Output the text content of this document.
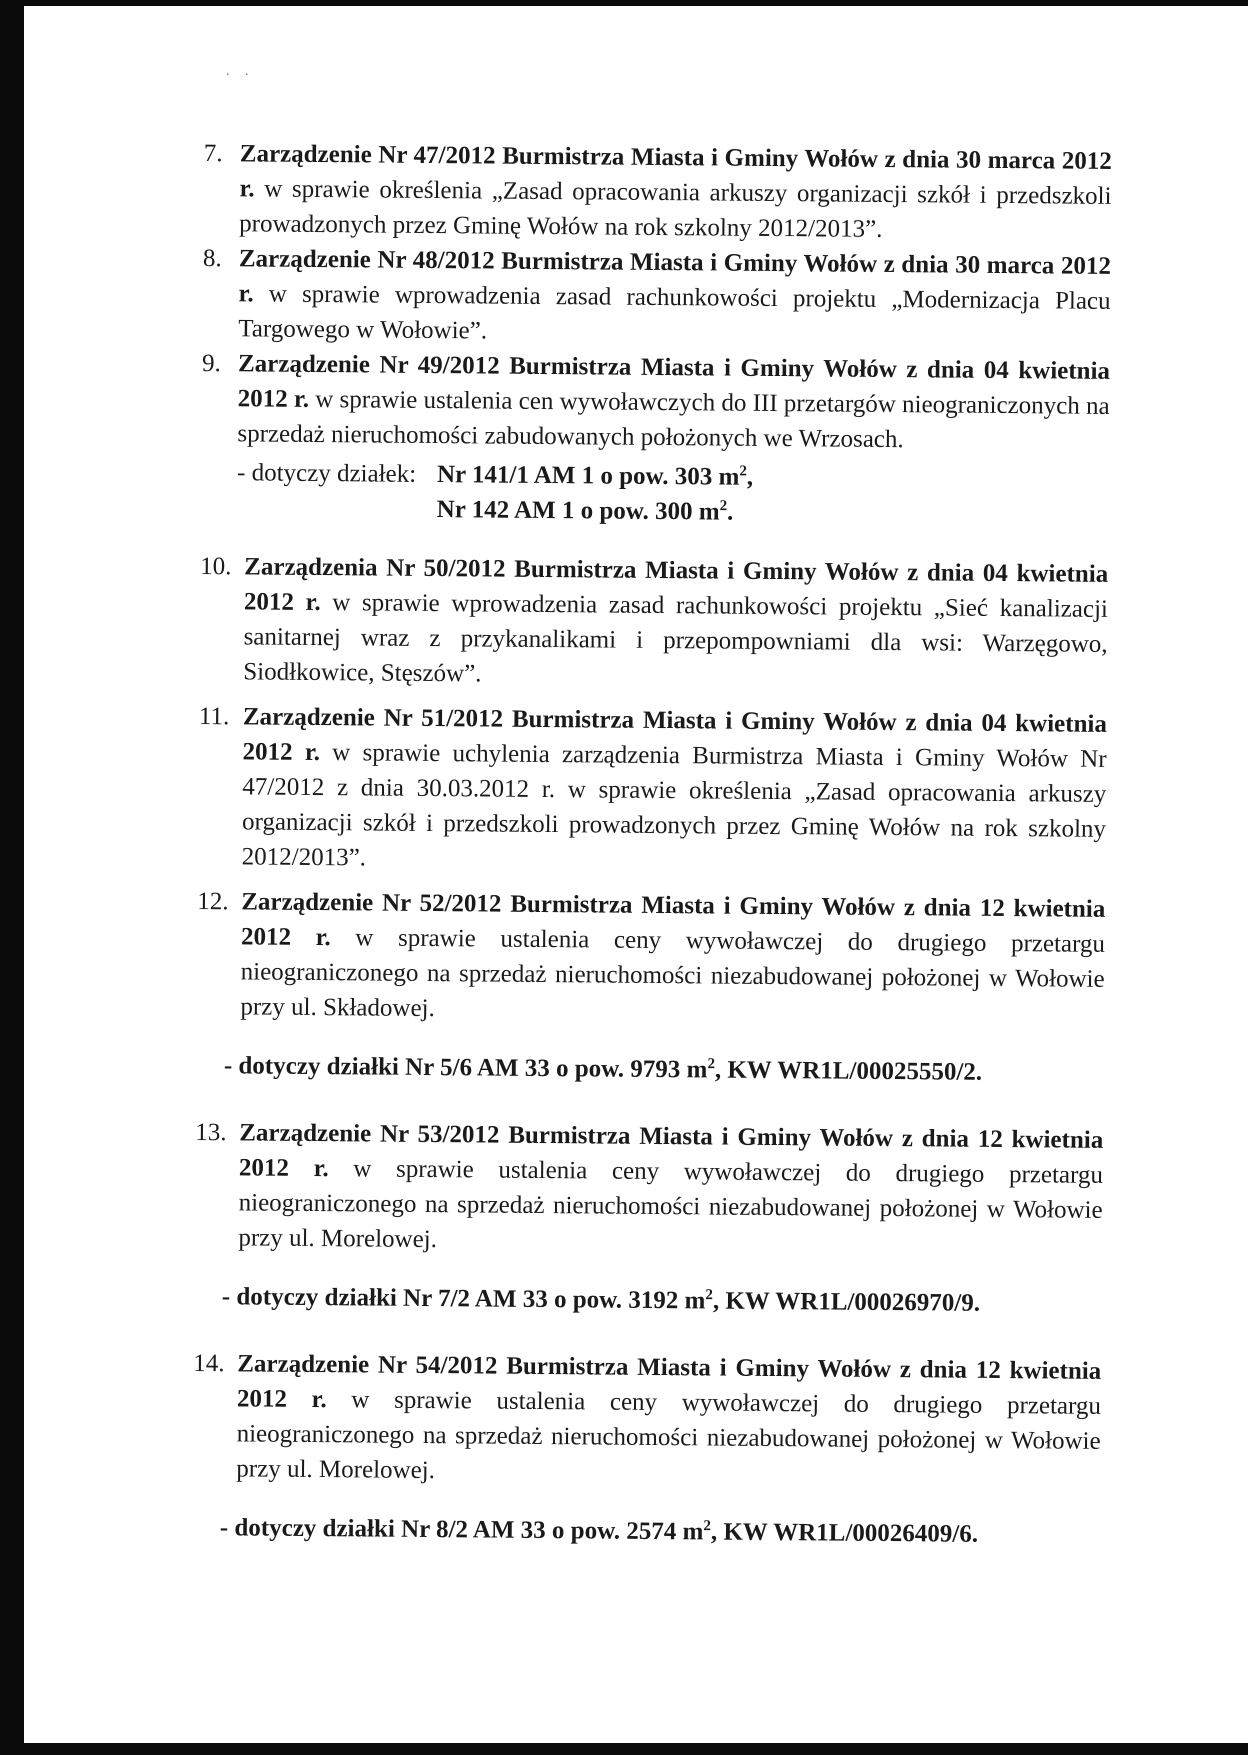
. .
7. Zarządzenie Nr 47/2012 Burmistrza Miasta i Gminy Wołów z dnia 30 marca 2012 r. w sprawie określenia „Zasad opracowania arkuszy organizacji szkół i przedszkoli prowadzonych przez Gminę Wołów na rok szkolny 2012/2013”.
8. Zarządzenie Nr 48/2012 Burmistrza Miasta i Gminy Wołów z dnia 30 marca 2012 r. w sprawie wprowadzenia zasad rachunkowości projektu „Modernizacja Placu Targowego w Wołowie”.
9. Zarządzenie Nr 49/2012 Burmistrza Miasta i Gminy Wołów z dnia 04 kwietnia 2012 r. w sprawie ustalenia cen wywoławczych do III przetargów nieograniczonych na sprzedaż nieruchomości zabudowanych położonych we Wrzosach.
- dotyczy działek: Nr 141/1 AM 1 o pow. 303 $m^2$,
Nr 142 AM 1 o pow. 300 $m^2$.
10. Zarządzenia Nr 50/2012 Burmistrza Miasta i Gminy Wołów z dnia 04 kwietnia 2012 r. w sprawie wprowadzenia zasad rachunkowości projektu „Sieć kanalizacji sanitarnej wraz z przykanalikami i przepompowniami dla wsi: Warzęgowo, Siodłkowice, Stęszów”.
11. Zarządzenie Nr 51/2012 Burmistrza Miasta i Gminy Wołów z dnia 04 kwietnia 2012 r. w sprawie uchylenia zarządzenia Burmistrza Miasta i Gminy Wołów Nr 47/2012 z dnia 30.03.2012 r. w sprawie określenia „Zasad opracowania arkuszy organizacji szkół i przedszkoli prowadzonych przez Gminę Wołów na rok szkolny 2012/2013”.
12. Zarządzenie Nr 52/2012 Burmistrza Miasta i Gminy Wołów z dnia 12 kwietnia 2012 r. w sprawie ustalenia ceny wywoławczej do drugiego przetargu nieograniczonego na sprzedaż nieruchomości niezabudowanej położonej w Wołowie przy ul. Składowej.
- dotyczy działki Nr 5/6 AM 33 o pow. 9793 $m^2$, KW WR1L/00025550/2.
13. Zarządzenie Nr 53/2012 Burmistrza Miasta i Gminy Wołów z dnia 12 kwietnia 2012 r. w sprawie ustalenia ceny wywoławczej do drugiego przetargu nieograniczonego na sprzedaż nieruchomości niezabudowanej położonej w Wołowie przy ul. Morelowej.
- dotyczy działki Nr 7/2 AM 33 o pow. 3192 $m^2$, KW WR1L/00026970/9.
14. Zarządzenie Nr 54/2012 Burmistrza Miasta i Gminy Wołów z dnia 12 kwietnia 2012 r. w sprawie ustalenia ceny wywoławczej do drugiego przetargu nieograniczonego na sprzedaż nieruchomości niezabudowanej położonej w Wołowie przy ul. Morelowej.
- dotyczy działki Nr 8/2 AM 33 o pow. 2574 $m^2$, KW WR1L/00026409/6.
